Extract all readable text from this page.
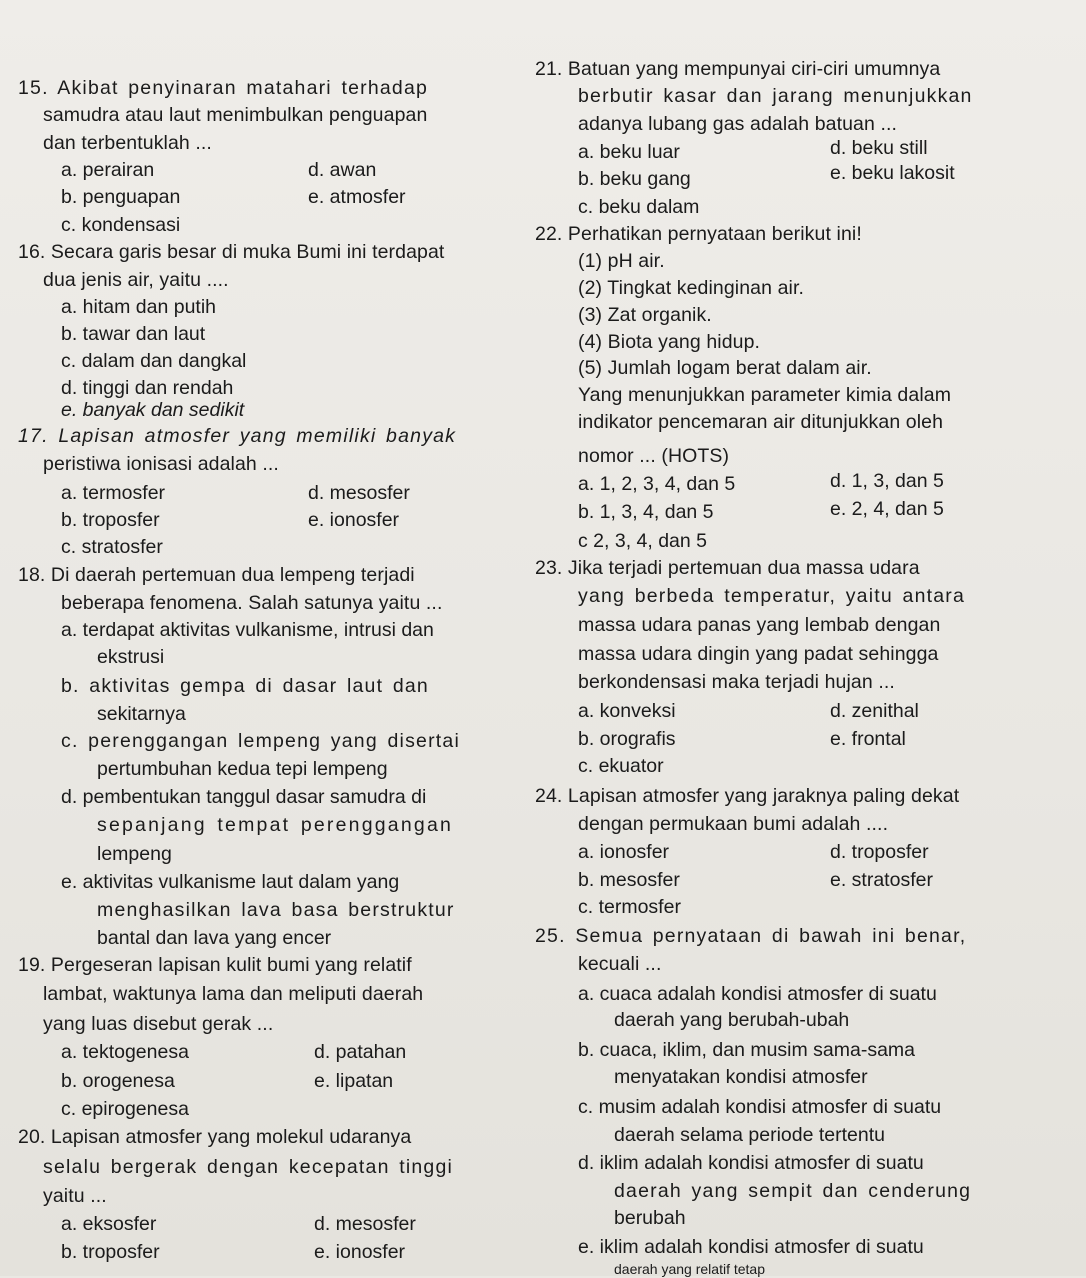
15. Akibat penyinaran matahari terhadap
samudra atau laut menimbulkan penguapan
dan terbentuklah ...
a. perairan	d. awan
b. penguapan	e. atmosfer
c. kondensasi
16. Secara garis besar di muka Bumi ini terdapat
dua jenis air, yaitu ....
a. hitam dan putih
b. tawar dan laut
c. dalam dan dangkal
d. tinggi dan rendah
e. banyak dan sedikit
17. Lapisan atmosfer yang memiliki banyak
peristiwa ionisasi adalah ...
a. termosfer	d. mesosfer
b. troposfer	e. ionosfer
c. stratosfer
18. Di daerah pertemuan dua lempeng terjadi
beberapa fenomena. Salah satunya yaitu ...
a. terdapat aktivitas vulkanisme, intrusi dan
ekstrusi
b. aktivitas gempa di dasar laut dan
sekitarnya
c. perenggangan lempeng yang disertai
pertumbuhan kedua tepi lempeng
d. pembentukan tanggul dasar samudra di
sepanjang tempat perenggangan
lempeng
e. aktivitas vulkanisme laut dalam yang
menghasilkan lava basa berstruktur
bantal dan lava yang encer
19. Pergeseran lapisan kulit bumi yang relatif
lambat, waktunya lama dan meliputi daerah
yang luas disebut gerak ...
a. tektogenesa	d. patahan
b. orogenesa	e. lipatan
c. epirogenesa
20. Lapisan atmosfer yang molekul udaranya
selalu bergerak dengan kecepatan tinggi
yaitu ...
a. eksosfer	d. mesosfer
b. troposfer	e. ionosfer
21. Batuan yang mempunyai ciri-ciri umumnya
berbutir kasar dan jarang menunjukkan
adanya lubang gas adalah batuan ...
a. beku luar	d. beku still
b. beku gang	e. beku lakosit
c. beku dalam
22. Perhatikan pernyataan berikut ini!
(1) pH air.
(2) Tingkat kedinginan air.
(3) Zat organik.
(4) Biota yang hidup.
(5) Jumlah logam berat dalam air.
Yang menunjukkan parameter kimia dalam
indikator pencemaran air ditunjukkan oleh
nomor ... (HOTS)
a. 1, 2, 3, 4, dan 5	d. 1, 3, dan 5
b. 1, 3, 4, dan 5	e. 2, 4, dan 5
c 2, 3, 4, dan 5
23. Jika terjadi pertemuan dua massa udara
yang berbeda temperatur, yaitu antara
massa udara panas yang lembab dengan
massa udara dingin yang padat sehingga
berkondensasi maka terjadi hujan ...
a. konveksi	d. zenithal
b. orografis	e. frontal
c. ekuator
24. Lapisan atmosfer yang jaraknya paling dekat
dengan permukaan bumi adalah ....
a. ionosfer	d. troposfer
b. mesosfer	e. stratosfer
c. termosfer
25. Semua pernyataan di bawah ini benar,
kecuali ...
a. cuaca adalah kondisi atmosfer di suatu
daerah yang berubah-ubah
b. cuaca, iklim, dan musim sama-sama
menyatakan kondisi atmosfer
c. musim adalah kondisi atmosfer di suatu
daerah selama periode tertentu
d. iklim adalah kondisi atmosfer di suatu
daerah yang sempit dan cenderung
berubah
e. iklim adalah kondisi atmosfer di suatu
daerah yang relatif tetap
